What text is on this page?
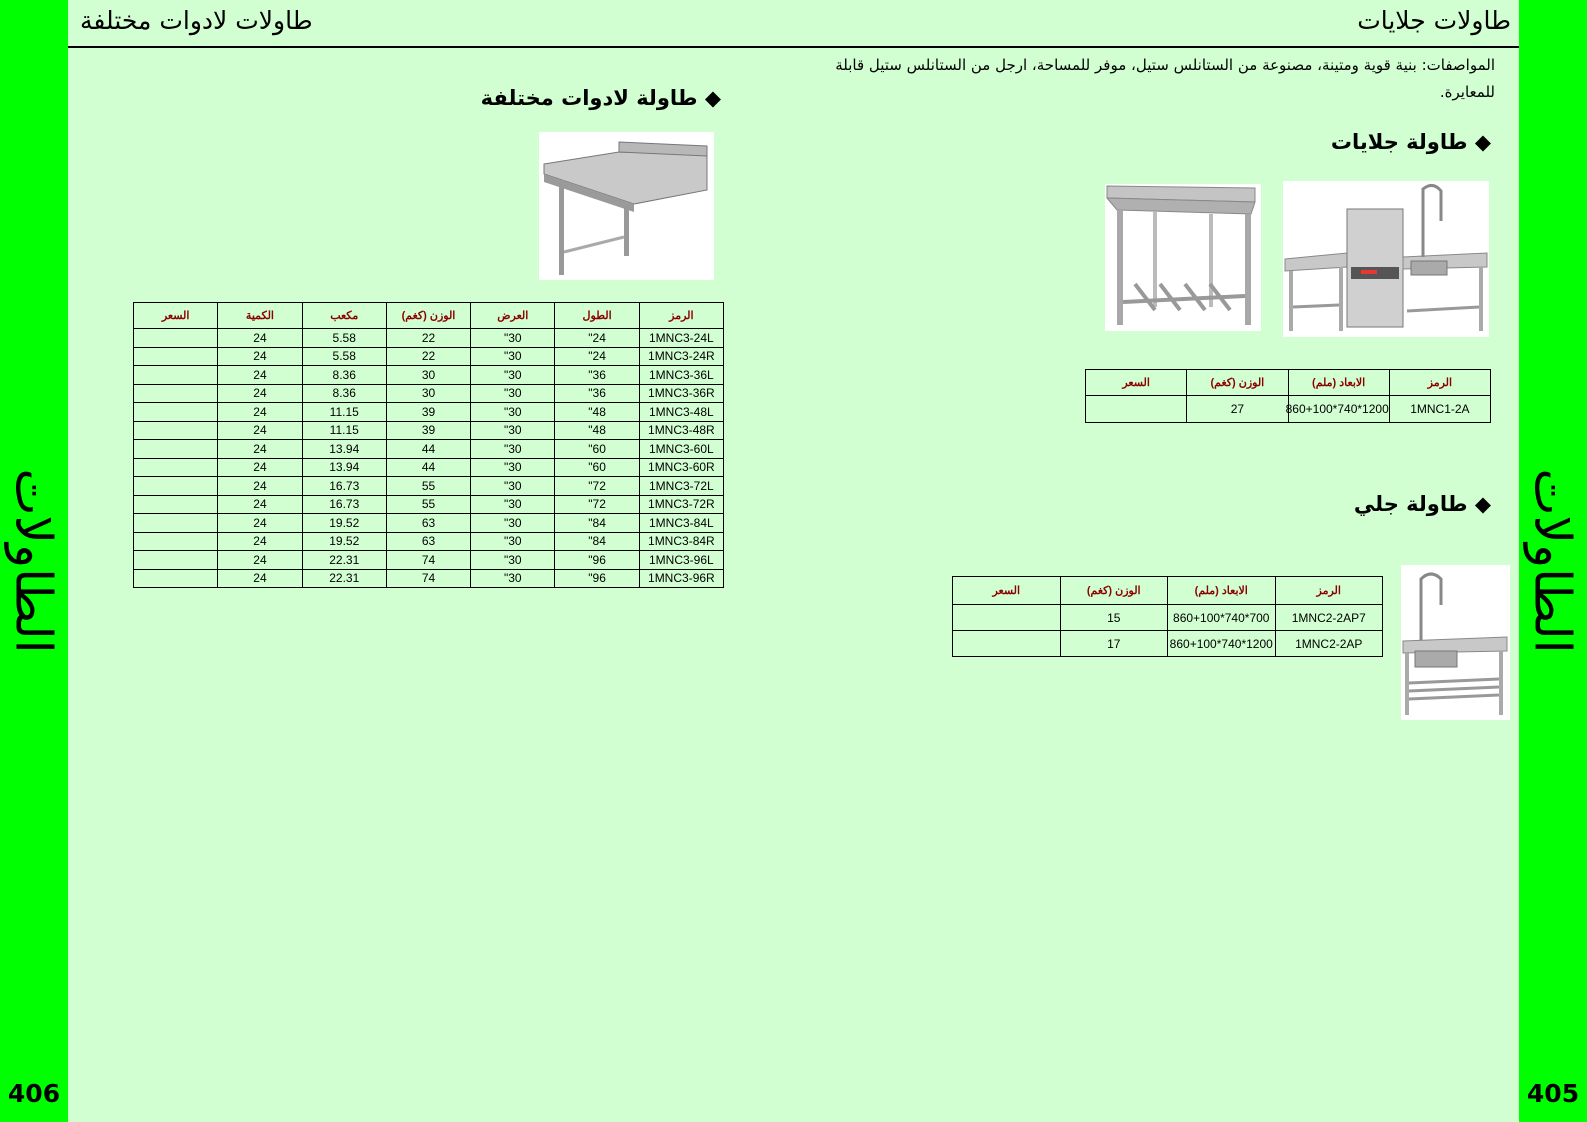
الطاولات
406
الطاولات
405
طاولات لادوات مختلفة	طاولات جلايات
المواصفات: بنية قوية ومتينة، مصنوعة من الستانلس ستيل، موفر للمساحة، ارجل من الستانلس ستيل قابلة للمعايرة.
◆ طاولة لادوات مختلفة
الرمز	الطول	العرض	الوزن (كغم)	مكعب	الكمية	السعر
1MNC3-24L	24"	30"	22	5.58	24	
1MNC3-24R	24"	30"	22	5.58	24	
1MNC3-36L	36"	30"	30	8.36	24	
1MNC3-36R	36"	30"	30	8.36	24	
1MNC3-48L	48"	30"	39	11.15	24	
1MNC3-48R	48"	30"	39	11.15	24	
1MNC3-60L	60"	30"	44	13.94	24	
1MNC3-60R	60"	30"	44	13.94	24	
1MNC3-72L	72"	30"	55	16.73	24	
1MNC3-72R	72"	30"	55	16.73	24	
1MNC3-84L	84"	30"	63	19.52	24	
1MNC3-84R	84"	30"	63	19.52	24	
1MNC3-96L	96"	30"	74	22.31	24	
1MNC3-96R	96"	30"	74	22.31	24	
◆ طاولة جلايات
الرمز	الابعاد (ملم)	الوزن (كغم)	السعر
1MNC1-2A	1200*740*860+100	27	
◆ طاولة جلي
الرمز	الابعاد (ملم)	الوزن (كغم)	السعر
1MNC2-2AP7	700*740*860+100	15	
1MNC2-2AP	1200*740*860+100	17	
